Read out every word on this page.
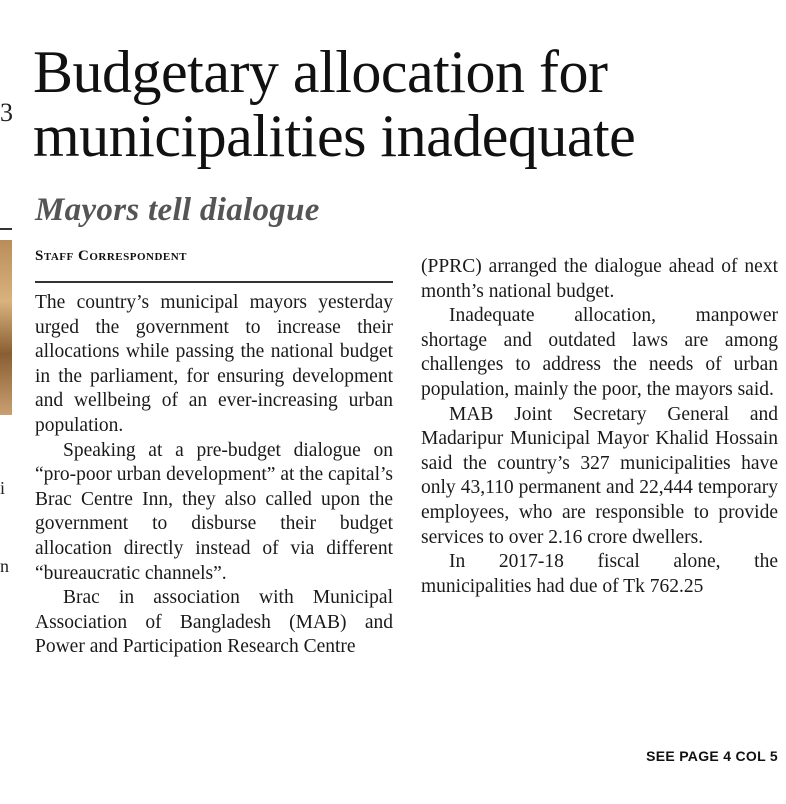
3
i
n
Budgetary allocation for municipalities inadequate
Mayors tell dialogue
Staff Correspondent

The country’s municipal mayors yesterday urged the government to increase their allocations while passing the national budget in the parliament, for ensuring development and wellbeing of an ever-increasing urban population.

Speaking at a pre-budget dialogue on “pro-poor urban development” at the capital’s Brac Centre Inn, they also called upon the government to disburse their budget allocation directly instead of via different “bureaucratic channels”.

Brac in association with Municipal Association of Bangladesh (MAB) and Power and Participation Research Centre

(PPRC) arranged the dialogue ahead of next month’s national budget.

Inadequate allocation, manpower shortage and outdated laws are among challenges to address the needs of urban population, mainly the poor, the mayors said.

MAB Joint Secretary General and Madaripur Municipal Mayor Khalid Hossain said the country’s 327 municipalities have only 43,110 permanent and 22,444 temporary employees, who are responsible to provide services to over 2.16 crore dwellers.

In 2017-18 fiscal alone, the municipalities had due of Tk 762.25

SEE PAGE 4 COL 5
